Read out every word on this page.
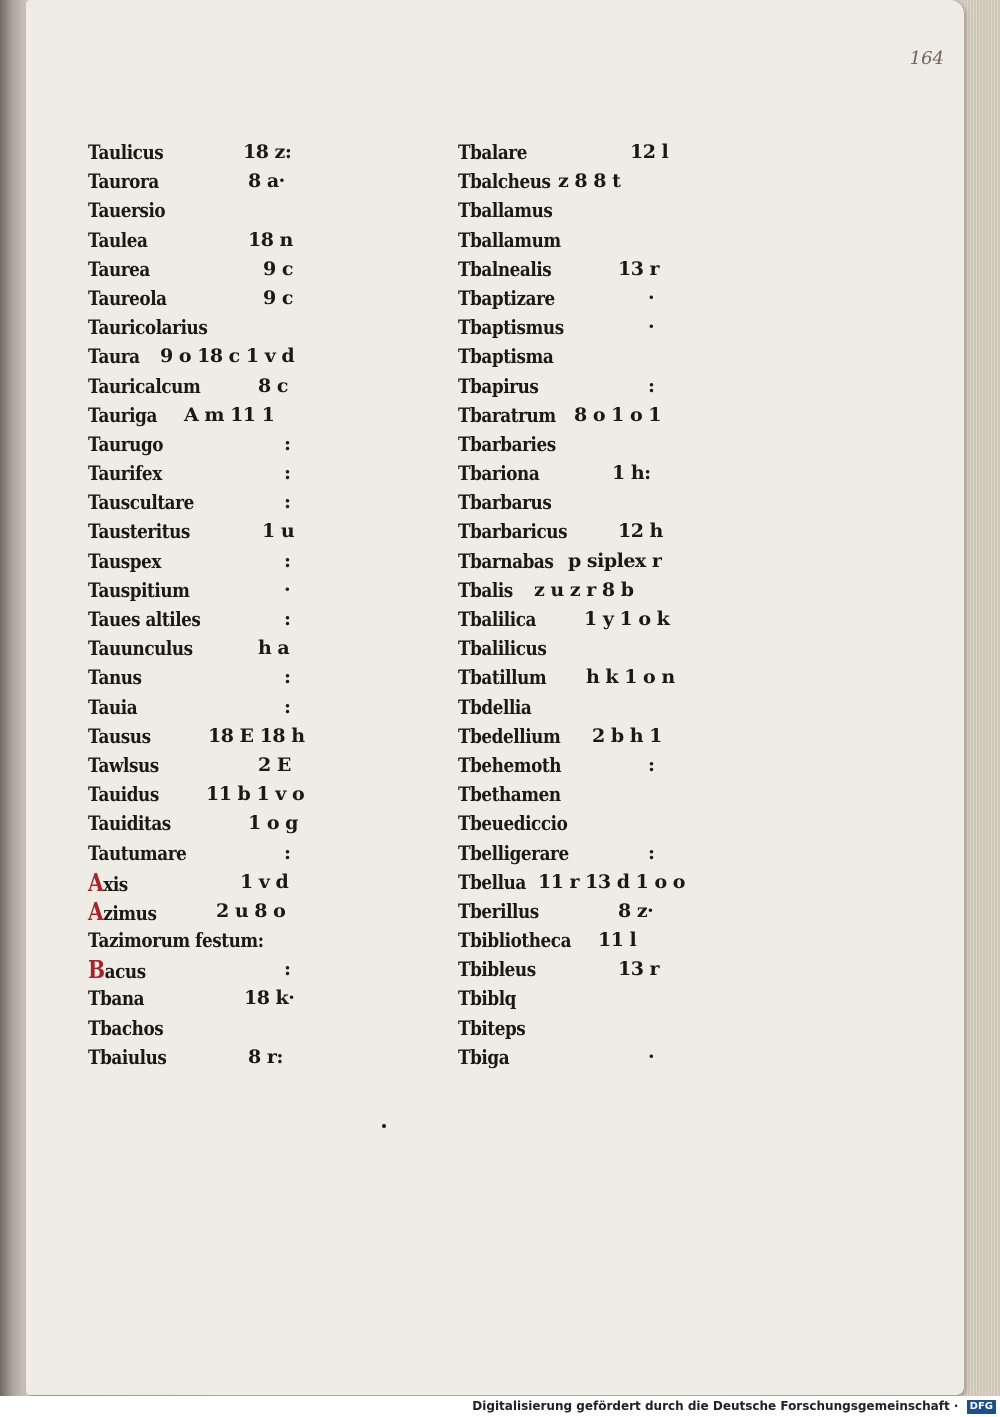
164

Taulicus	18 z:
Taurora	8 a·
Tauersio
Taulea	18 n
Taurea	9 c
Taureola	9 c
Tauricolarius
Taura 9 o 18 c 1 v d
Tauricalcum	8 c
Tauriga A m 11 1
Taurugo	:
Taurifex	:
Tauscultare	:
Tausteritus	1 u
Tauspex	:
Tauspitium	·
Taues altiles	:
Tauunculus	h a
Tanus	:
Tauia	:
Tausus	18 E 18 h
Tawlsus	2 E
Tauidus 11 b 1 v o
Tauiditas	1 o g
Tautumare	:
Axis	1 v d
Azimus	2 u 8 o
Tazimorum festum:
Bacus	:
Tbana	18 k·
Tbachos
Tbaiulus	8 r:
Tbalare	12 l
Tbalcheus z 8 8 t
Tballamus
Tballamum
Tbalnealis	13 r
Tbaptizare	·
Tbaptismus	·
Tbaptisma
Tbapirus	:
Tbaratrum 8 o 1 o 1
Tbarbaries
Tbariona	1 h:
Tbarbarus
Tbarbaricus	12 h
Tbarnabas p siplex r
Tbalis z u z r 8 b
Tbalilica	1 y 1 o k
Tbalilicus
Tbatillum h k 1 o n
Tbdellia
Tbedellium 2 b h 1
Tbehemoth	:
Tbethamen
Tbeuediccio
Tbelligerare	:
Tbellua 11 r 13 d 1 o o
Tberillus	8 z·
Tbibliotheca 11 l
Tbibleus	13 r
Tbiblq
Tbiteps
Tbiga	·
Digitalisierung gefördert durch die Deutsche Forschungsgemeinschaft · DFG
